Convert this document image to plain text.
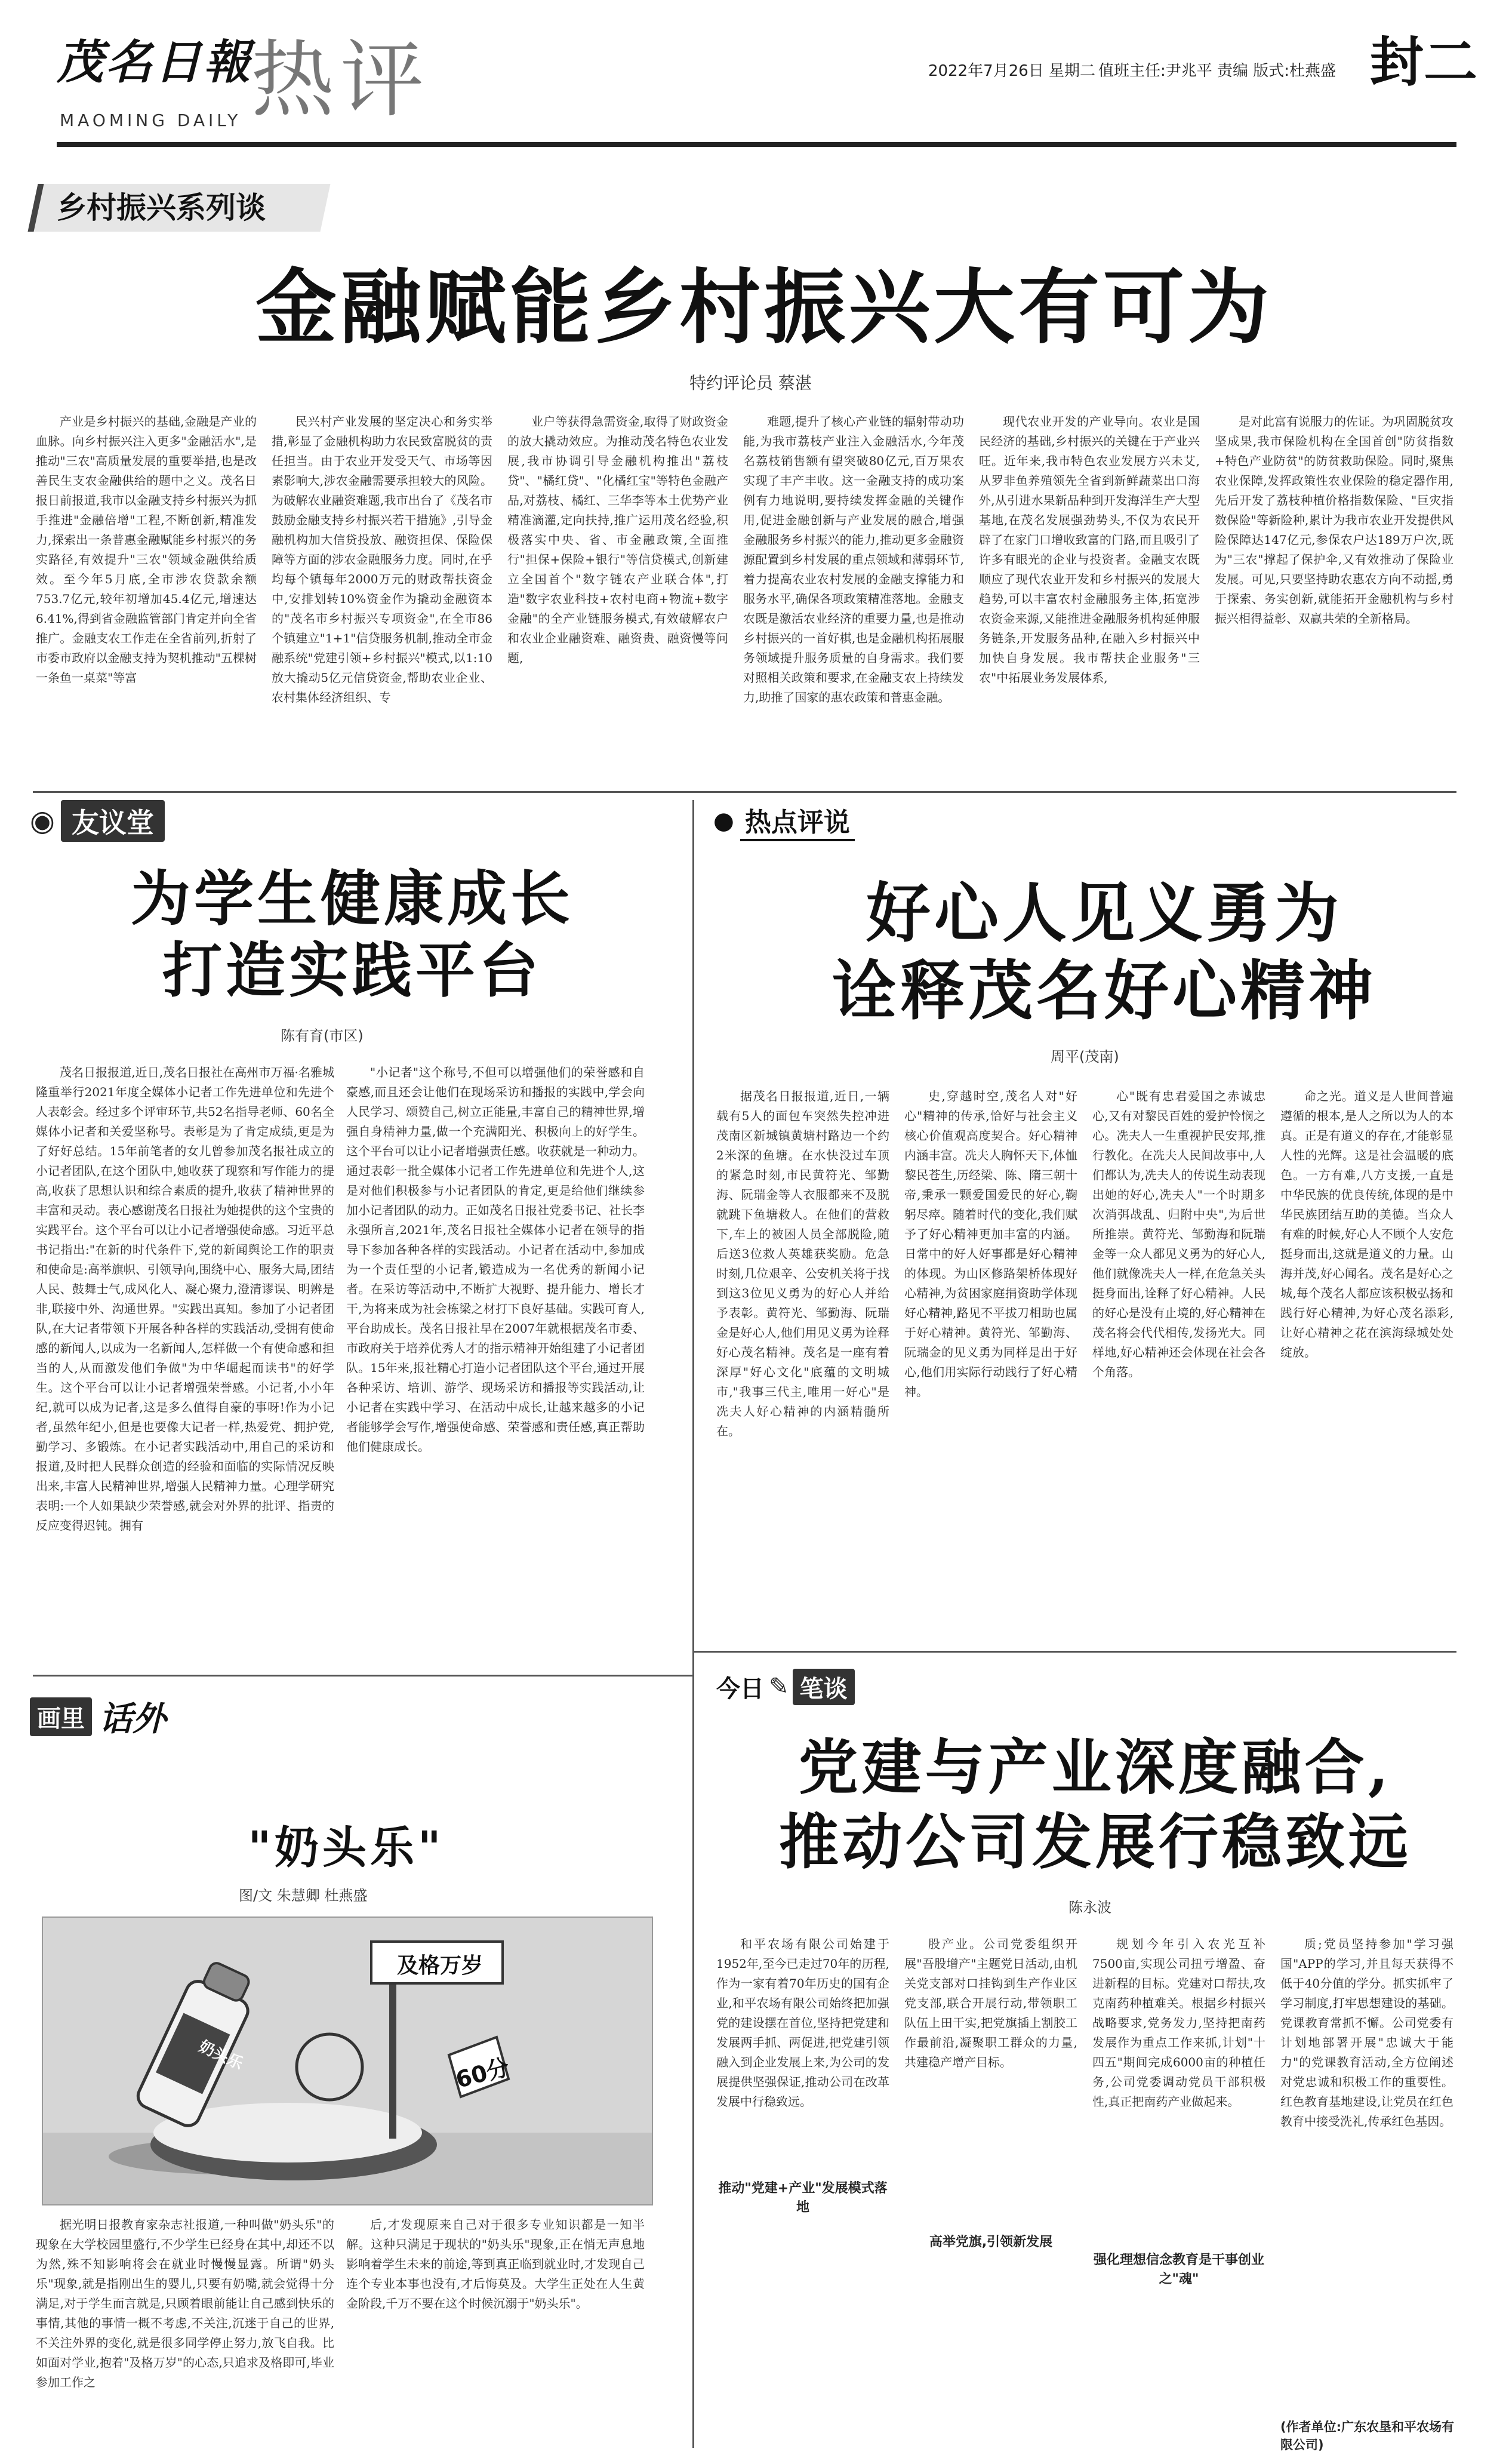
茂名日報
MAOMING DAILY 热评	2022年7月26日 星期二 值班主任:尹兆平 责编 版式:杜燕盛 封二
乡村振兴系列谈
金融赋能乡村振兴大有可为
特约评论员 蔡湛
产业是乡村振兴的基础,金融是产业的血脉。向乡村振兴注入更多"金融活水",是推动"三农"高质量发展的重要举措,也是改善民生支农金融供给的题中之义。茂名日报日前报道,我市以金融支持乡村振兴为抓手推进"金融倍增"工程,不断创新,精准发力,探索出一条普惠金融赋能乡村振兴的务实路径,有效提升"三农"领域金融供给质效。至今年5月底,全市涉农贷款余额753.7亿元,较年初增加45.4亿元,增速达6.41%,得到省金融监管部门肯定并向全省推广。金融支农工作走在全省前列,折射了市委市政府以金融支持为契机推动"五棵树一条鱼一桌菜"等富
民兴村产业发展的坚定决心和务实举措,彰显了金融机构助力农民致富脱贫的责任担当。由于农业开发受天气、市场等因素影响大,涉农金融需要承担较大的风险。为破解农业融资难题,我市出台了《茂名市鼓励金融支持乡村振兴若干措施》,引导金融机构加大信贷投放、融资担保、保险保障等方面的涉农金融服务力度。同时,在乎均每个镇每年2000万元的财政帮扶资金中,安排划转10%资金作为撬动金融资本的"茂名市乡村振兴专项资金",在全市86个镇建立"1+1"信贷服务机制,推动全市金融系统"党建引领+乡村振兴"模式,以1:10放大撬动5亿元信贷资金,帮助农业企业、农村集体经济组织、专
业户等获得急需资金,取得了财政资金的放大撬动效应。为推动茂名特色农业发展,我市协调引导金融机构推出"荔枝贷"、"橘红贷"、"化橘红宝"等特色金融产品,对荔枝、橘红、三华李等本土优势产业精准滴灌,定向扶持,推广运用茂名经验,积极落实中央、省、市金融政策,全面推行"担保+保险+银行"等信贷模式,创新建立全国首个"数字链农产业联合体",打造"数字农业科技+农村电商+物流+数字金融"的全产业链服务模式,有效破解农户和农业企业融资难、融资贵、融资慢等问题,
难题,提升了核心产业链的辐射带动功能,为我市荔枝产业注入金融活水,今年茂名荔枝销售额有望突破80亿元,百万果农实现了丰产丰收。这一金融支持的成功案例有力地说明,要持续发挥金融的关键作用,促进金融创新与产业发展的融合,增强金融服务乡村振兴的能力,推动更多金融资源配置到乡村发展的重点领域和薄弱环节,着力提高农业农村发展的金融支撑能力和服务水平,确保各项政策精准落地。金融支农既是激活农业经济的重要力量,也是推动乡村振兴的一首好棋,也是金融机构拓展服务领域提升服务质量的自身需求。我们要对照相关政策和要求,在金融支农上持续发力,助推了国家的惠农政策和普惠金融。
现代农业开发的产业导向。农业是国民经济的基础,乡村振兴的关键在于产业兴旺。近年来,我市特色农业发展方兴未艾,从罗非鱼养殖领先全省到新鲜蔬菜出口海外,从引进水果新品种到开发海洋生产大型基地,在茂名发展强劲势头,不仅为农民开辟了在家门口增收致富的门路,而且吸引了许多有眼光的企业与投资者。金融支农既顺应了现代农业开发和乡村振兴的发展大趋势,可以丰富农村金融服务主体,拓宽涉农资金来源,又能推进金融服务机构延伸服务链条,开发服务品种,在融入乡村振兴中加快自身发展。我市帮扶企业服务"三农"中拓展业务发展体系,
是对此富有说服力的佐证。为巩固脱贫攻坚成果,我市保险机构在全国首创"防贫指数+特色产业防贫"的防贫救助保险。同时,聚焦农业保障,发挥政策性农业保险的稳定器作用,先后开发了荔枝种植价格指数保险、"巨灾指数保险"等新险种,累计为我市农业开发提供风险保障达147亿元,参保农户达189万户次,既为"三农"撑起了保护伞,又有效推动了保险业发展。可见,只要坚持助农惠农方向不动摇,勇于探索、务实创新,就能拓开金融机构与乡村振兴相得益彰、双赢共荣的全新格局。
◉ 友议堂
为学生健康成长
打造实践平台
陈有育(市区)
茂名日报报道,近日,茂名日报社在高州市万福·名雅城隆重举行2021年度全媒体小记者工作先进单位和先进个人表彰会。经过多个评审环节,共52名指导老师、60名全媒体小记者和关爱坚称号。表彰是为了肯定成绩,更是为了好好总结。15年前笔者的女儿曾参加茂名报社成立的小记者团队,在这个团队中,她收获了现察和写作能力的提高,收获了思想认识和综合素质的提升,收获了精神世界的丰富和灵动。表心感谢茂名日报社为她提供的这个宝贵的实践平台。这个平台可以让小记者增强使命感。习近平总书记指出:"在新的时代条件下,党的新闻舆论工作的职责和使命是:高举旗帜、引领导向,围绕中心、服务大局,团结人民、鼓舞士气,成风化人、凝心聚力,澄清谬误、明辨是非,联接中外、沟通世界。"实践出真知。参加了小记者团队,在大记者带领下开展各种各样的实践活动,受拥有使命感的新闻人,以成为一名新闻人,怎样做一个有使命感和担当的人,从而激发他们争做"为中华崛起而读书"的好学生。这个平台可以让小记者增强荣誉感。小记者,小小年纪,就可以成为记者,这是多么值得自豪的事呀!作为小记者,虽然年纪小,但是也要像大记者一样,热爱党、拥护党,勤学习、多锻炼。在小记者实践活动中,用自己的采访和报道,及时把人民群众创造的经验和面临的实际情况反映出来,丰富人民精神世界,增强人民精神力量。心理学研究表明:一个人如果缺少荣誉感,就会对外界的批评、指责的反应变得迟钝。拥有
"小记者"这个称号,不但可以增强他们的荣誉感和自豪感,而且还会让他们在现场采访和播报的实践中,学会向人民学习、颂赞自己,树立正能量,丰富自己的精神世界,增强自身精神力量,做一个充满阳光、积极向上的好学生。这个平台可以让小记者增强责任感。收获就是一种动力。通过表彰一批全媒体小记者工作先进单位和先进个人,这是对他们积极参与小记者团队的肯定,更是给他们继续参加小记者团队的动力。正如茂名日报社党委书记、社长李永强所言,2021年,茂名日报社全媒体小记者在领导的指导下参加各种各样的实践活动。小记者在活动中,参加成为一个责任型的小记者,锻造成为一名优秀的新闻小记者。在采访等活动中,不断扩大视野、提升能力、增长才干,为将来成为社会栋梁之材打下良好基础。实践可育人,平台助成长。茂名日报社早在2007年就根据茂名市委、市政府关于培养优秀人才的指示精神开始组建了小记者团队。15年来,报社精心打造小记者团队这个平台,通过开展各种采访、培训、游学、现场采访和播报等实践活动,让小记者在实践中学习、在活动中成长,让越来越多的小记者能够学会写作,增强使命感、荣誉感和责任感,真正帮助他们健康成长。
● 热点评说
好心人见义勇为
诠释茂名好心精神
周平(茂南)
据茂名日报报道,近日,一辆载有5人的面包车突然失控冲进茂南区新城镇黄塘村路边一个约2米深的鱼塘。在水快没过车顶的紧急时刻,市民黄符光、邹勤海、阮瑞金等人衣服都来不及脱就跳下鱼塘救人。在他们的营救下,车上的被困人员全部脱险,随后送3位救人英雄获奖励。危急时刻,几位艰辛、公安机关将于找到这3位见义勇为的好心人并给予表彰。黄符光、邹勤海、阮瑞金是好心人,他们用见义勇为诠释好心茂名精神。茂名是一座有着深厚"好心文化"底蕴的文明城市,"我事三代主,唯用一好心"是冼夫人好心精神的内涵精髓所在。
史,穿越时空,茂名人对"好心"精神的传承,恰好与社会主义核心价值观高度契合。好心精神内涵丰富。冼夫人胸怀天下,体恤黎民苍生,历经梁、陈、隋三朝十帝,秉承一颗爱国爱民的好心,鞠躬尽瘁。随着时代的变化,我们赋予了好心精神更加丰富的内涵。日常中的好人好事都是好心精神的体现。为山区修路架桥体现好心精神,为贫困家庭捐资助学体现好心精神,路见不平拔刀相助也属于好心精神。黄符光、邹勤海、阮瑞金的见义勇为同样是出于好心,他们用实际行动践行了好心精神。
心"既有忠君爱国之赤诚忠心,又有对黎民百姓的爱护怜悯之心。冼夫人一生重视护民安邦,推行教化。在冼夫人民间故事中,人们都认为,冼夫人的传说生动表现出她的好心,冼夫人"一个时期多次消弭战乱、归附中央",为后世所推崇。黄符光、邹勤海和阮瑞金等一众人都见义勇为的好心人,他们就像冼夫人一样,在危急关头挺身而出,诠释了好心精神。人民的好心是没有止境的,好心精神在茂名将会代代相传,发扬光大。同样地,好心精神还会体现在社会各个角落。
命之光。道义是人世间普遍遵循的根本,是人之所以为人的本真。正是有道义的存在,才能彰显人性的光辉。这是社会温暖的底色。一方有难,八方支援,一直是中华民族的优良传统,体现的是中华民族团结互助的美德。当众人有难的时候,好心人不顾个人安危挺身而出,这就是道义的力量。山海并茂,好心闻名。茂名是好心之城,每个茂名人都应该积极弘扬和践行好心精神,为好心茂名添彩,让好心精神之花在滨海绿城处处绽放。
画里 话外
"奶头乐"
图/文 朱慧卿 杜燕盛
及格万岁
60分
奶头乐
据光明日报教育家杂志社报道,一种叫做"奶头乐"的现象在大学校园里盛行,不少学生已经身在其中,却还不以为然,殊不知影响将会在就业时慢慢显露。所谓"奶头乐"现象,就是指刚出生的婴儿,只要有奶嘴,就会觉得十分满足,对于学生而言就是,只顾着眼前能让自己感到快乐的事情,其他的事情一概不考虑,不关注,沉迷于自己的世界,不关注外界的变化,就是很多同学停止努力,放飞自我。比如面对学业,抱着"及格万岁"的心态,只追求及格即可,毕业参加工作之
后,才发现原来自己对于很多专业知识都是一知半解。这种只满足于现状的"奶头乐"现象,正在悄无声息地影响着学生未来的前途,等到真正临到就业时,才发现自己连个专业本事也没有,才后悔莫及。大学生正处在人生黄金阶段,千万不要在这个时候沉溺于"奶头乐"。
今日 ✎ 笔谈
党建与产业深度融合,
推动公司发展行稳致远
陈永波
和平农场有限公司始建于1952年,至今已走过70年的历程,作为一家有着70年历史的国有企业,和平农场有限公司始终把加强党的建设摆在首位,坚持把党建和发展两手抓、两促进,把党建引领融入到企业发展上来,为公司的发展提供坚强保证,推动公司在改革发展中行稳致远。
推动"党建+产业"发展模式落地
股产业。公司党委组织开展"吾股增产"主题党日活动,由机关党支部对口挂钩到生产作业区党支部,联合开展行动,带领职工队伍上田干实,把党旗插上割胶工作最前沿,凝聚职工群众的力量,共建稳产增产目标。
高举党旗,引领新发展
规划今年引入农光互补7500亩,实现公司扭亏增盈、奋进新程的目标。党建对口帮扶,攻克南药种植难关。根据乡村振兴战略要求,党务发力,坚持把南药发展作为重点工作来抓,计划"十四五"期间完成6000亩的种植任务,公司党委调动党员干部积极性,真正把南药产业做起来。
强化理想信念教育是干事创业之"魂"
质;党员坚持参加"学习强国"APP的学习,并且每天获得不低于40分值的学分。抓实抓牢了学习制度,打牢思想建设的基础。党课教育常抓不懈。公司党委有计划地部署开展"忠诚大于能力"的党课教育活动,全方位阐述对党忠诚和积极工作的重要性。红色教育基地建设,让党员在红色教育中接受洗礼,传承红色基因。
(作者单位:广东农垦和平农场有限公司)
